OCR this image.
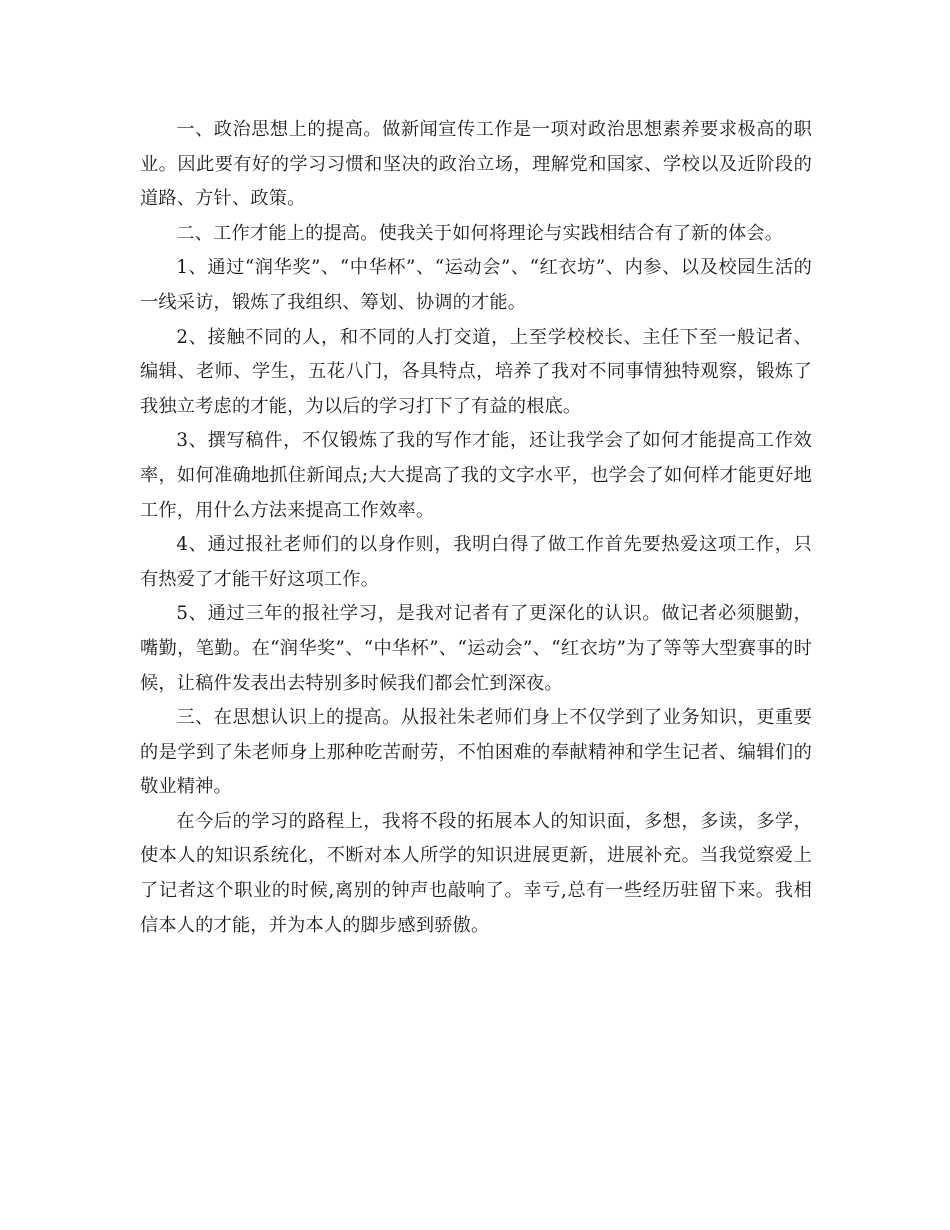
一、政治思想上的提高。做新闻宣传工作是一项对政治思想素养要求极高的职业。因此要有好的学习习惯和坚决的政治立场，理解党和国家、学校以及近阶段的道路、方针、政策。

二、工作才能上的提高。使我关于如何将理论与实践相结合有了新的体会。

1、通过“润华奖”、“中华杯”、“运动会”、“红衣坊”、内参、以及校园生活的一线采访，锻炼了我组织、筹划、协调的才能。

2、接触不同的人，和不同的人打交道，上至学校校长、主任下至一般记者、编辑、老师、学生，五花八门，各具特点，培养了我对不同事情独特观察，锻炼了我独立考虑的才能，为以后的学习打下了有益的根底。

3、撰写稿件，不仅锻炼了我的写作才能，还让我学会了如何才能提高工作效率，如何准确地抓住新闻点;大大提高了我的文字水平，也学会了如何样才能更好地工作，用什么方法来提高工作效率。

4、通过报社老师们的以身作则，我明白得了做工作首先要热爱这项工作，只有热爱了才能干好这项工作。

5、通过三年的报社学习，是我对记者有了更深化的认识。做记者必须腿勤，嘴勤，笔勤。在“润华奖”、“中华杯”、“运动会”、“红衣坊”为了等等大型赛事的时候，让稿件发表出去特别多时候我们都会忙到深夜。

三、在思想认识上的提高。从报社朱老师们身上不仅学到了业务知识，更重要的是学到了朱老师身上那种吃苦耐劳，不怕困难的奉献精神和学生记者、编辑们的敬业精神。

在今后的学习的路程上，我将不段的拓展本人的知识面，多想，多读，多学，使本人的知识系统化，不断对本人所学的知识进展更新，进展补充。当我觉察爱上了记者这个职业的时候,离别的钟声也敲响了。幸亏,总有一些经历驻留下来。我相信本人的才能，并为本人的脚步感到骄傲。
